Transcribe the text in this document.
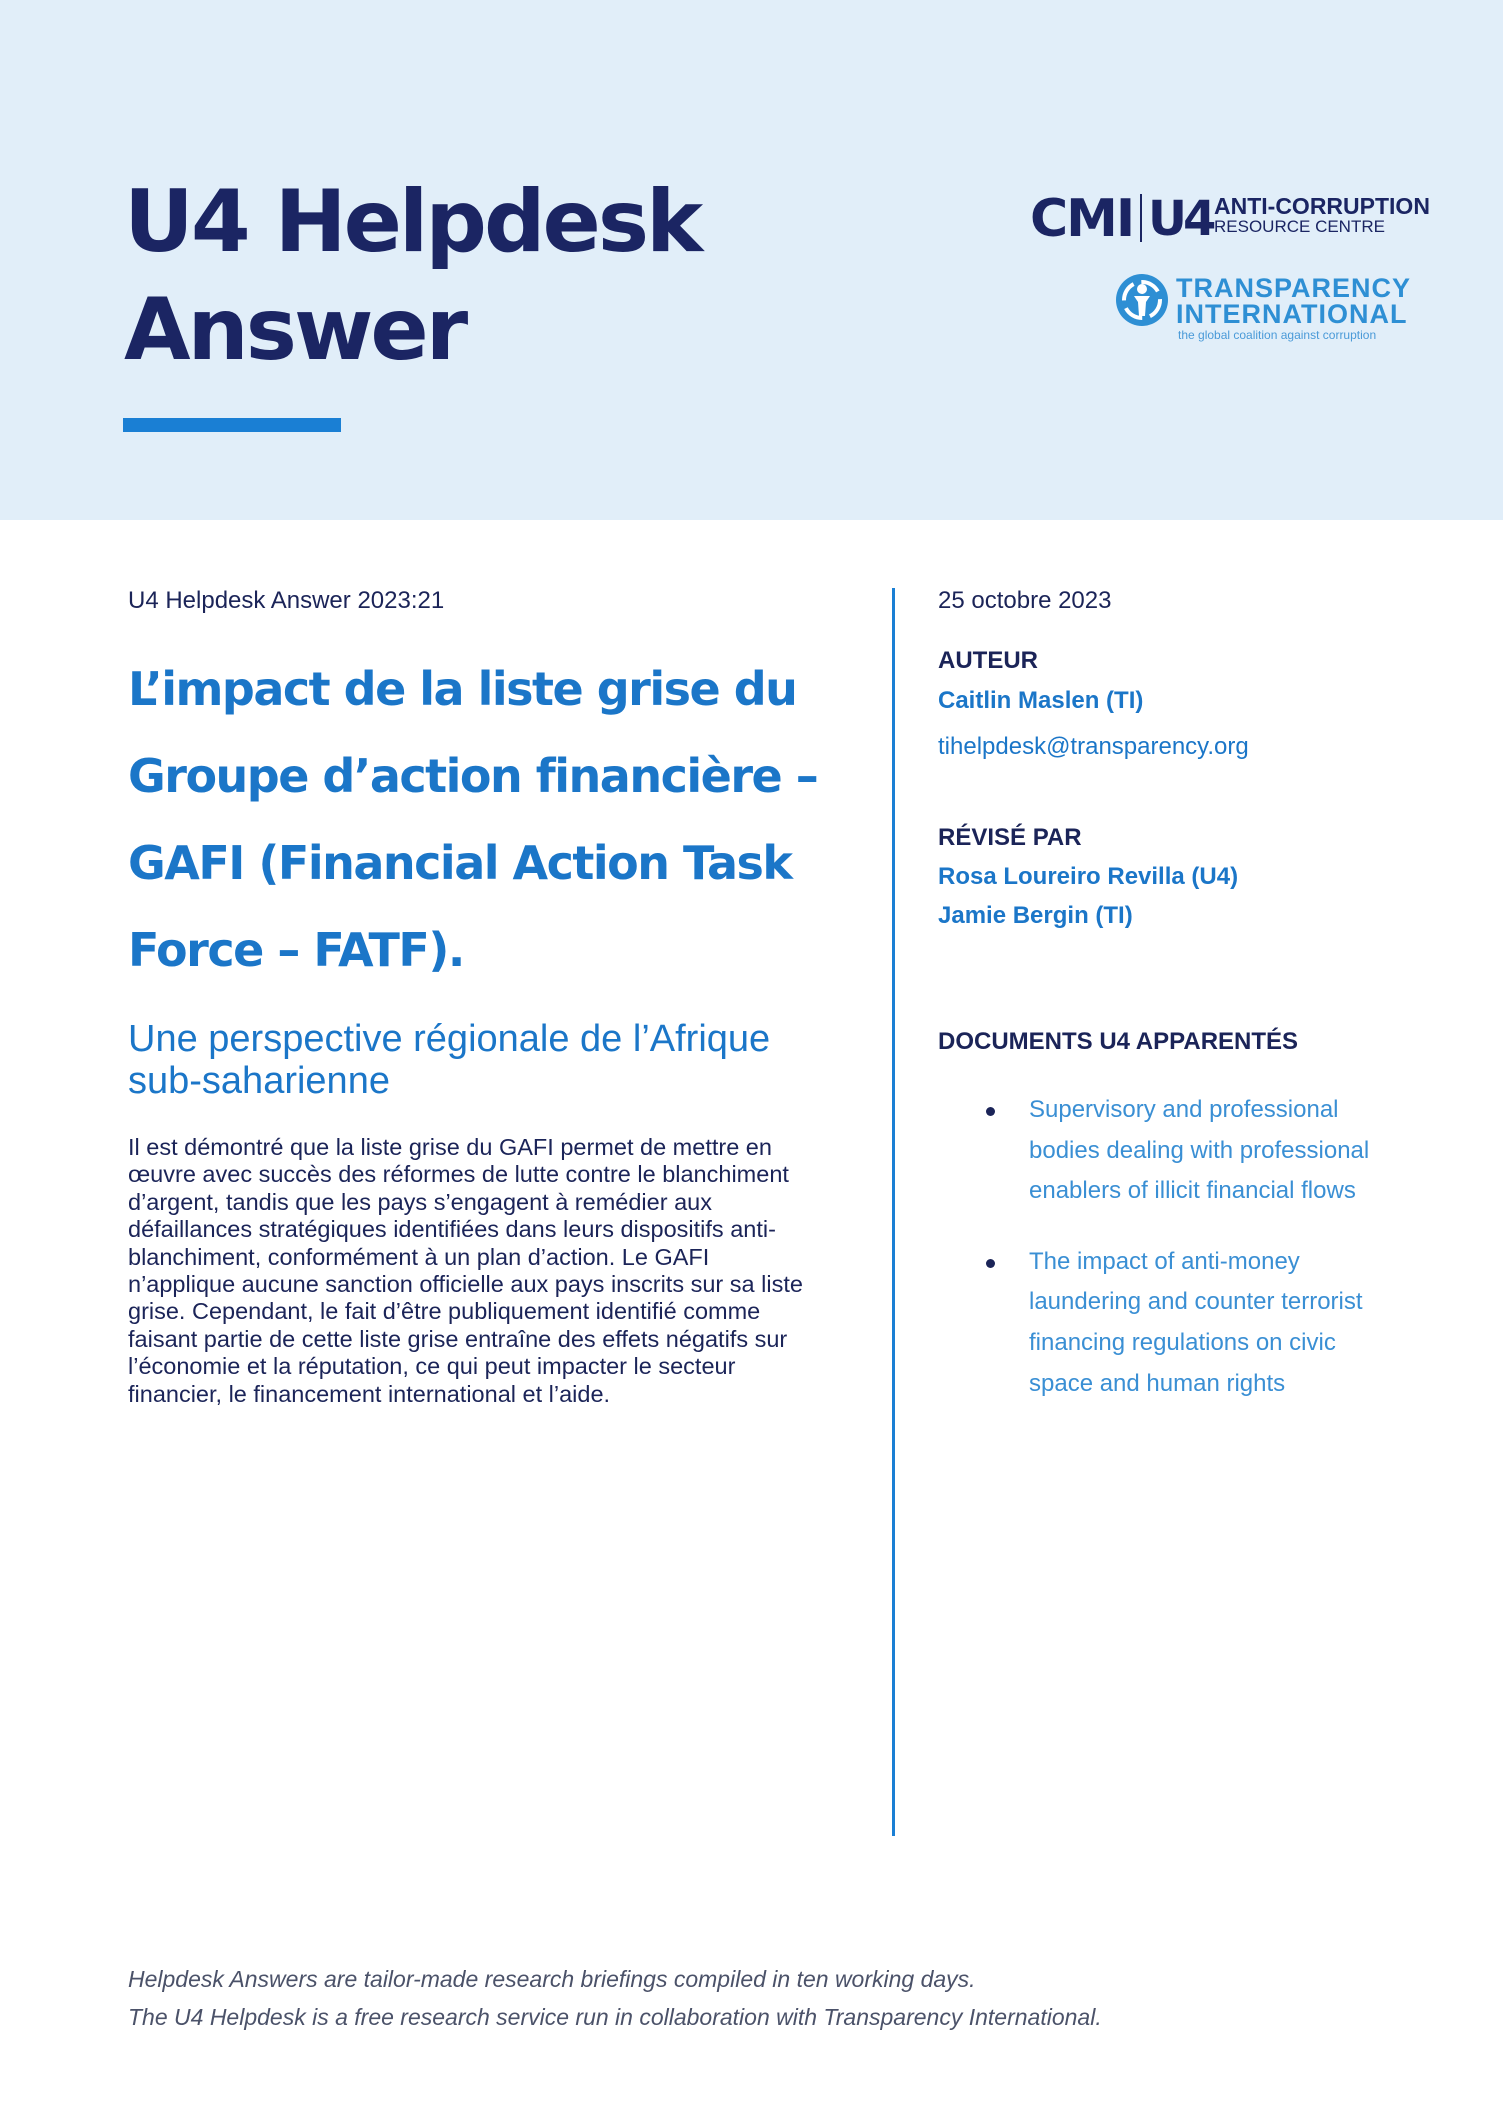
U4 Helpdesk
Answer
CMI U4 ANTI-CORRUPTION
RESOURCE CENTRE
TRANSPARENCY
INTERNATIONAL
the global coalition against corruption
U4 Helpdesk Answer 2023:21
L’impact de la liste grise du Groupe d’action financière – GAFI (Financial Action Task Force – FATF).
Une perspective régionale de l’Afrique sub-saharienne

Il est démontré que la liste grise du GAFI permet de mettre en œuvre avec succès des réformes de lutte contre le blanchiment d’argent, tandis que les pays s’engagent à remédier aux défaillances stratégiques identifiées dans leurs dispositifs anti-blanchiment, conformément à un plan d’action. Le GAFI n’applique aucune sanction officielle aux pays inscrits sur sa liste grise. Cependant, le fait d’être publiquement identifié comme faisant partie de cette liste grise entraîne des effets négatifs sur l’économie et la réputation, ce qui peut impacter le secteur financier, le financement international et l’aide.

25 octobre 2023
AUTEUR
Caitlin Maslen (TI)
tihelpdesk@transparency.org
RÉVISÉ PAR
Rosa Loureiro Revilla (U4)
Jamie Bergin (TI)
DOCUMENTS U4 APPARENTÉS
Supervisory and professional bodies dealing with professional enablers of illicit financial flows
The impact of anti-money laundering and counter terrorist financing regulations on civic space and human rights
Helpdesk Answers are tailor-made research briefings compiled in ten working days.
The U4 Helpdesk is a free research service run in collaboration with Transparency International.
